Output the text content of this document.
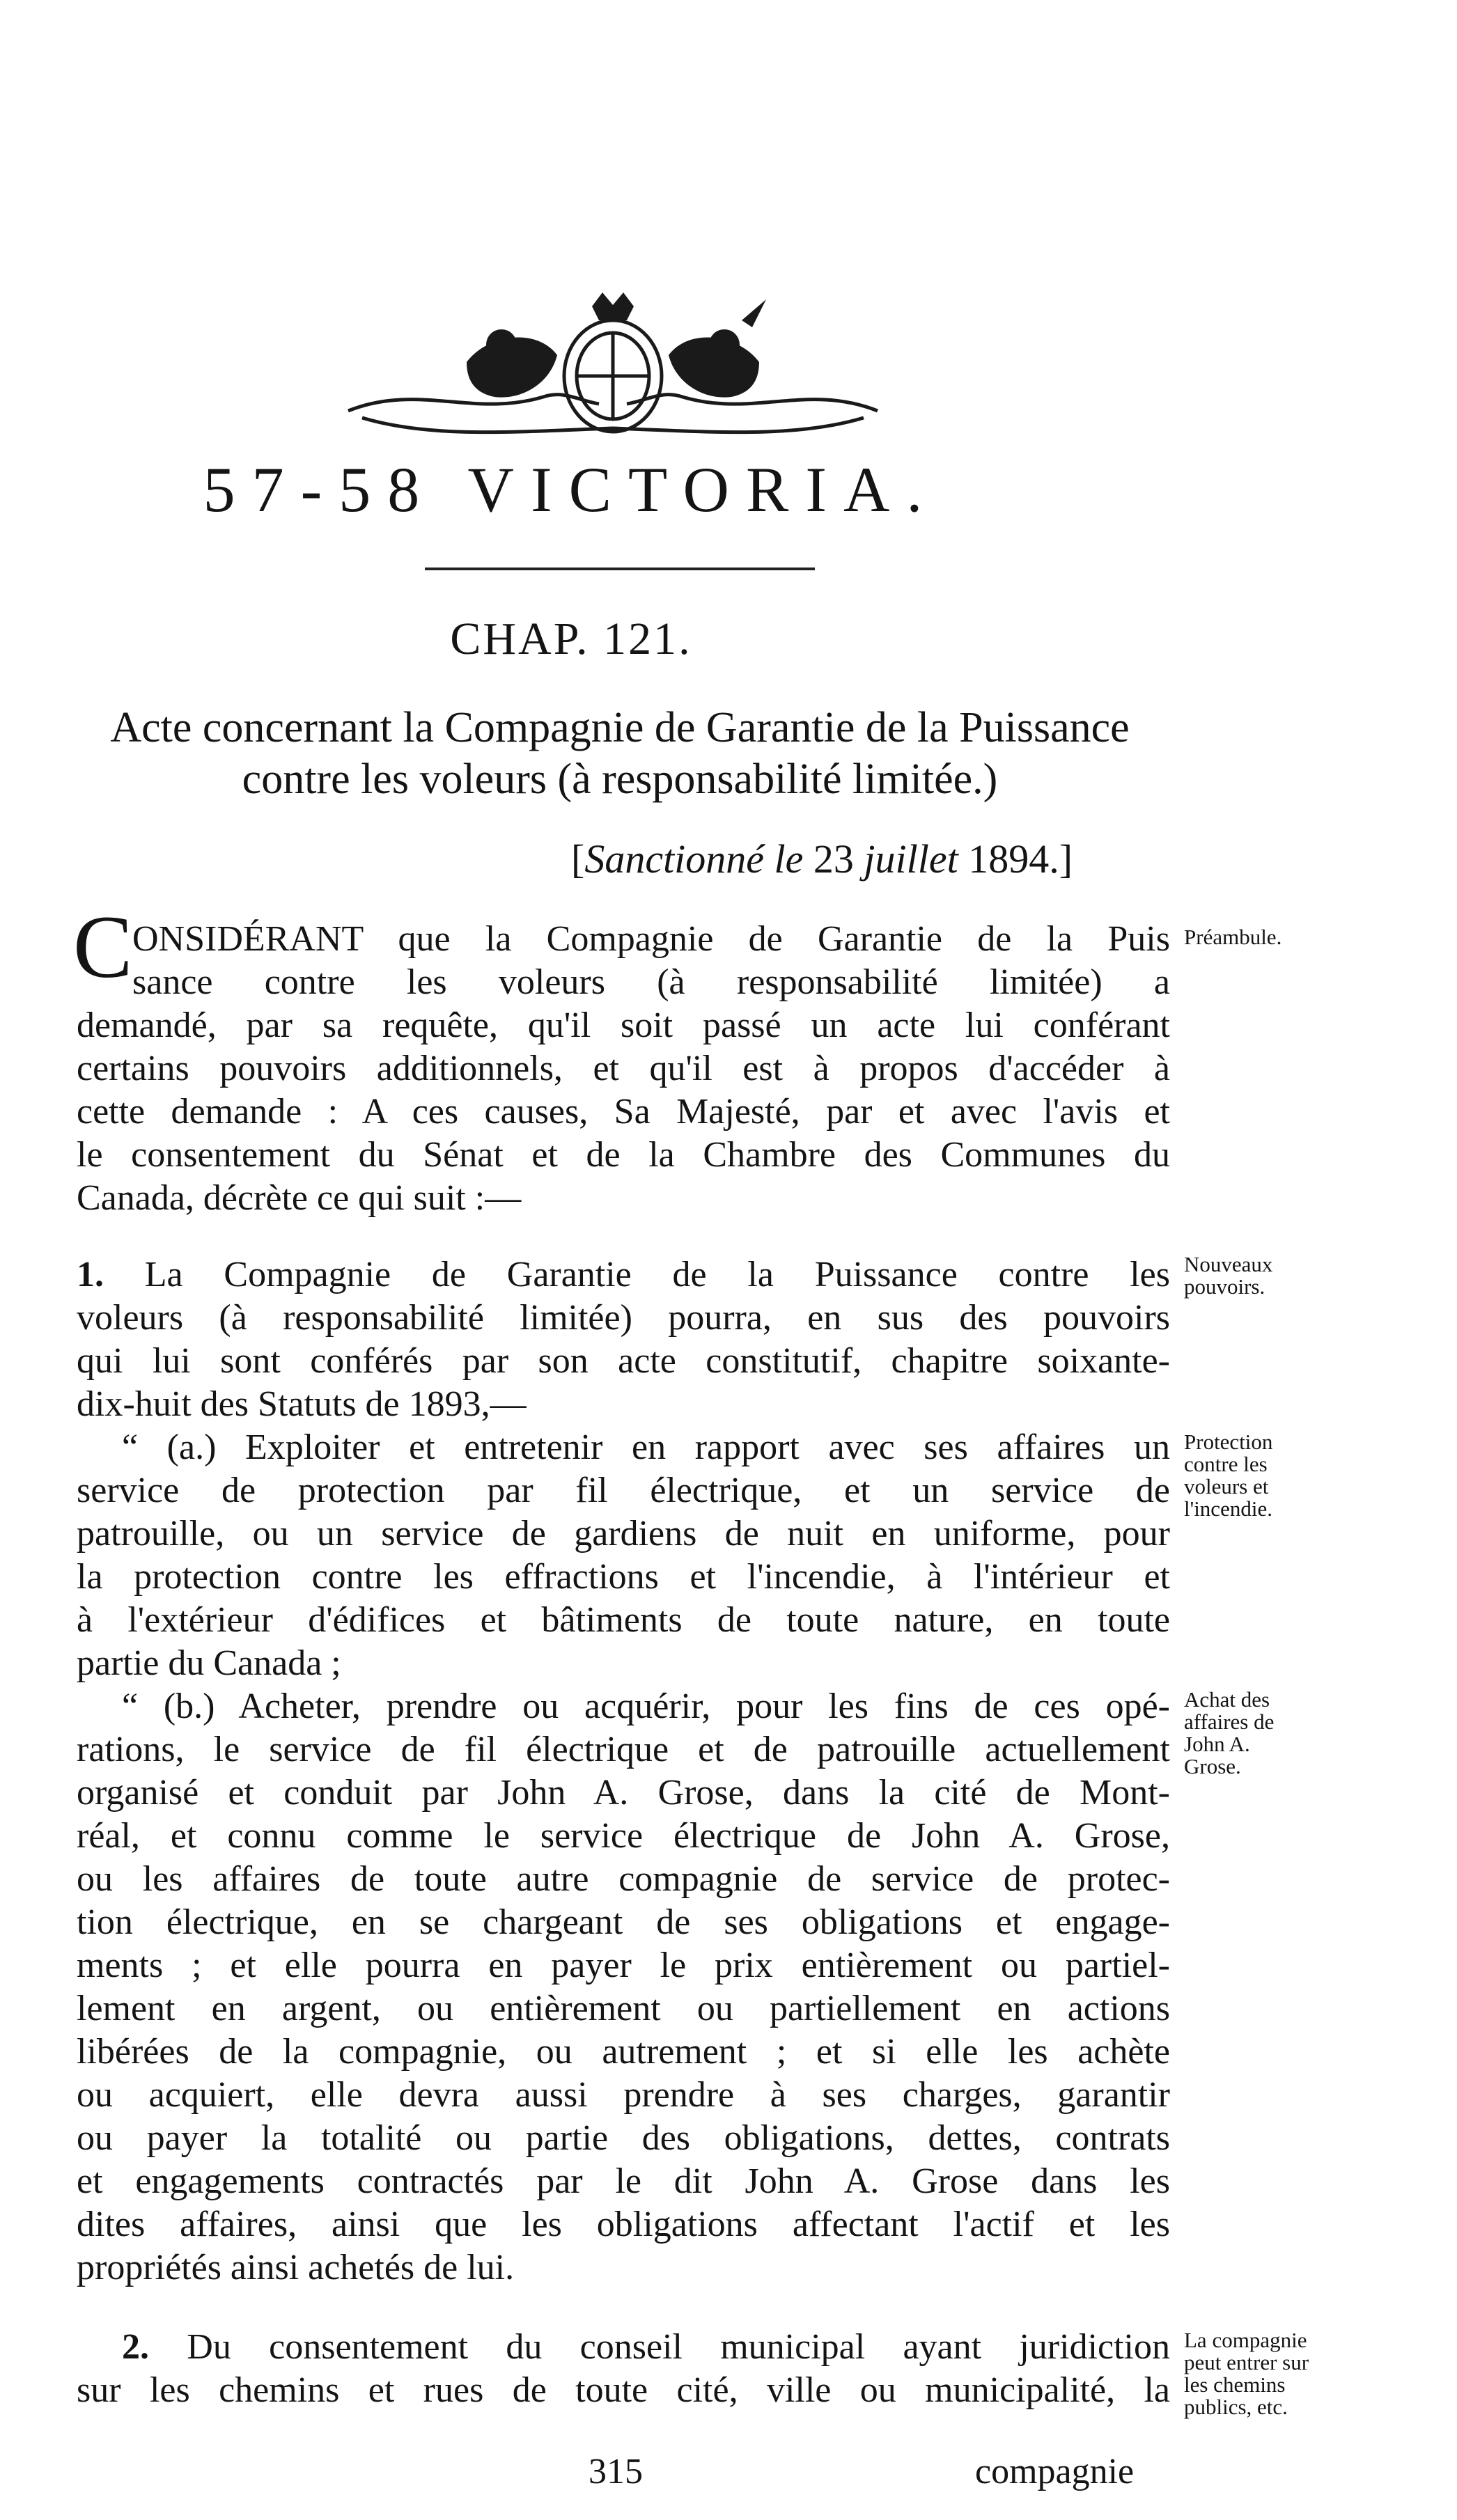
57-58 VICTORIA.
CHAP. 121.
Acte concernant la Compagnie de Garantie de la Puissance contre les voleurs (à responsabilité limitée.)
[Sanctionné le 23 juillet 1894.]
C ONSIDÉRANT que la Compagnie de Garantie de la Puis
sance contre les voleurs (à responsabilité limitée) a
demandé, par sa requête, qu'il soit passé un acte lui conférant
certains pouvoirs additionnels, et qu'il est à propos d'accéder à
cette demande : A ces causes, Sa Majesté, par et avec l'avis et
le consentement du Sénat et de la Chambre des Communes du
Canada, décrète ce qui suit :—
1. La Compagnie de Garantie de la Puissance contre les
voleurs (à responsabilité limitée) pourra, en sus des pouvoirs
qui lui sont conférés par son acte constitutif, chapitre soixante-
dix-huit des Statuts de 1893,—
“ (a.) Exploiter et entretenir en rapport avec ses affaires un
service de protection par fil électrique, et un service de
patrouille, ou un service de gardiens de nuit en uniforme, pour
la protection contre les effractions et l'incendie, à l'intérieur et
à l'extérieur d'édifices et bâtiments de toute nature, en toute
partie du Canada ;
“ (b.) Acheter, prendre ou acquérir, pour les fins de ces opé-
rations, le service de fil électrique et de patrouille actuellement
organisé et conduit par John A. Grose, dans la cité de Mont-
réal, et connu comme le service électrique de John A. Grose,
ou les affaires de toute autre compagnie de service de protec-
tion électrique, en se chargeant de ses obligations et engage-
ments ; et elle pourra en payer le prix entièrement ou partiel-
lement en argent, ou entièrement ou partiellement en actions
libérées de la compagnie, ou autrement ; et si elle les achète
ou acquiert, elle devra aussi prendre à ses charges, garantir
ou payer la totalité ou partie des obligations, dettes, contrats
et engagements contractés par le dit John A. Grose dans les
dites affaires, ainsi que les obligations affectant l'actif et les
propriétés ainsi achetés de lui.
2. Du consentement du conseil municipal ayant juridiction
sur les chemins et rues de toute cité, ville ou municipalité, la
315	compagnie
Préambule.
Nouveaux
pouvoirs.
Protection
contre les
voleurs et
l'incendie.
Achat des
affaires de
John A.
Grose.
La compagnie
peut entrer sur
les chemins
publics, etc.
